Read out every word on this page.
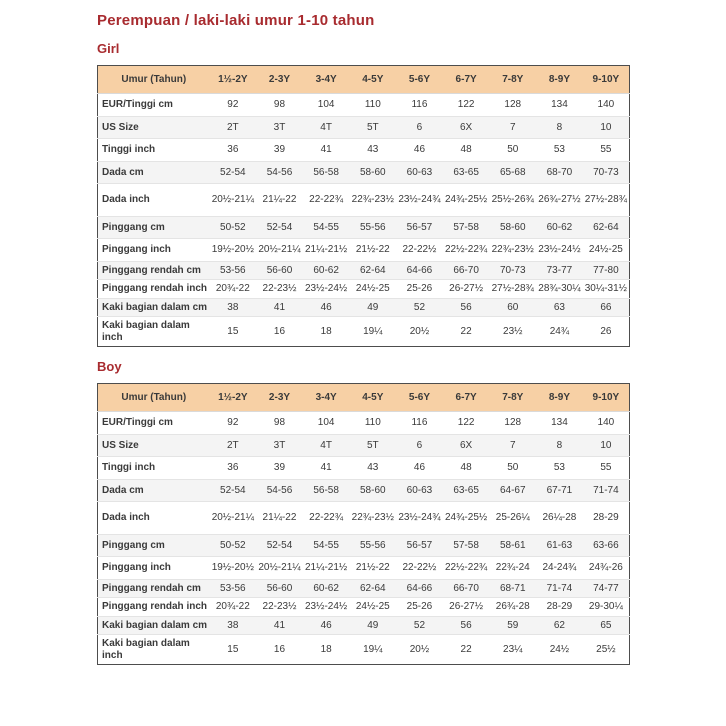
Perempuan / laki-laki umur 1-10 tahun
Girl
Umur (Tahun)	1½-2Y	2-3Y	3-4Y	4-5Y	5-6Y	6-7Y	7-8Y	8-9Y	9-10Y
EUR/Tinggi cm	92	98	104	110	116	122	128	134	140
US Size	2T	3T	4T	5T	6	6X	7	8	10
Tinggi inch	36	39	41	43	46	48	50	53	55
Dada cm	52-54	54-56	56-58	58-60	60-63	63-65	65-68	68-70	70-73
Dada inch	20½-21¼	21¼-22	22-22¾	22¾-23½	23½-24¾	24¾-25½	25½-26¾	26¾-27½	27½-28¾
Pinggang cm	50-52	52-54	54-55	55-56	56-57	57-58	58-60	60-62	62-64
Pinggang inch	19½-20½	20½-21¼	21¼-21½	21½-22	22-22½	22½-22¾	22¾-23½	23½-24½	24½-25
Pinggang rendah cm	53-56	56-60	60-62	62-64	64-66	66-70	70-73	73-77	77-80
Pinggang rendah inch	20¾-22	22-23½	23½-24½	24½-25	25-26	26-27½	27½-28¾	28¾-30¼	30¼-31½
Kaki bagian dalam cm	38	41	46	49	52	56	60	63	66
Kaki bagian dalam inch	15	16	18	19¼	20½	22	23½	24¾	26
Boy
Umur (Tahun)	1½-2Y	2-3Y	3-4Y	4-5Y	5-6Y	6-7Y	7-8Y	8-9Y	9-10Y
EUR/Tinggi cm	92	98	104	110	116	122	128	134	140
US Size	2T	3T	4T	5T	6	6X	7	8	10
Tinggi inch	36	39	41	43	46	48	50	53	55
Dada cm	52-54	54-56	56-58	58-60	60-63	63-65	64-67	67-71	71-74
Dada inch	20½-21¼	21¼-22	22-22¾	22¾-23½	23½-24¾	24¾-25½	25-26¼	26¼-28	28-29
Pinggang cm	50-52	52-54	54-55	55-56	56-57	57-58	58-61	61-63	63-66
Pinggang inch	19½-20½	20½-21¼	21¼-21½	21½-22	22-22½	22½-22¾	22¾-24	24-24¾	24¾-26
Pinggang rendah cm	53-56	56-60	60-62	62-64	64-66	66-70	68-71	71-74	74-77
Pinggang rendah inch	20¾-22	22-23½	23½-24½	24½-25	25-26	26-27½	26¾-28	28-29	29-30¼
Kaki bagian dalam cm	38	41	46	49	52	56	59	62	65
Kaki bagian dalam inch	15	16	18	19¼	20½	22	23¼	24½	25½
